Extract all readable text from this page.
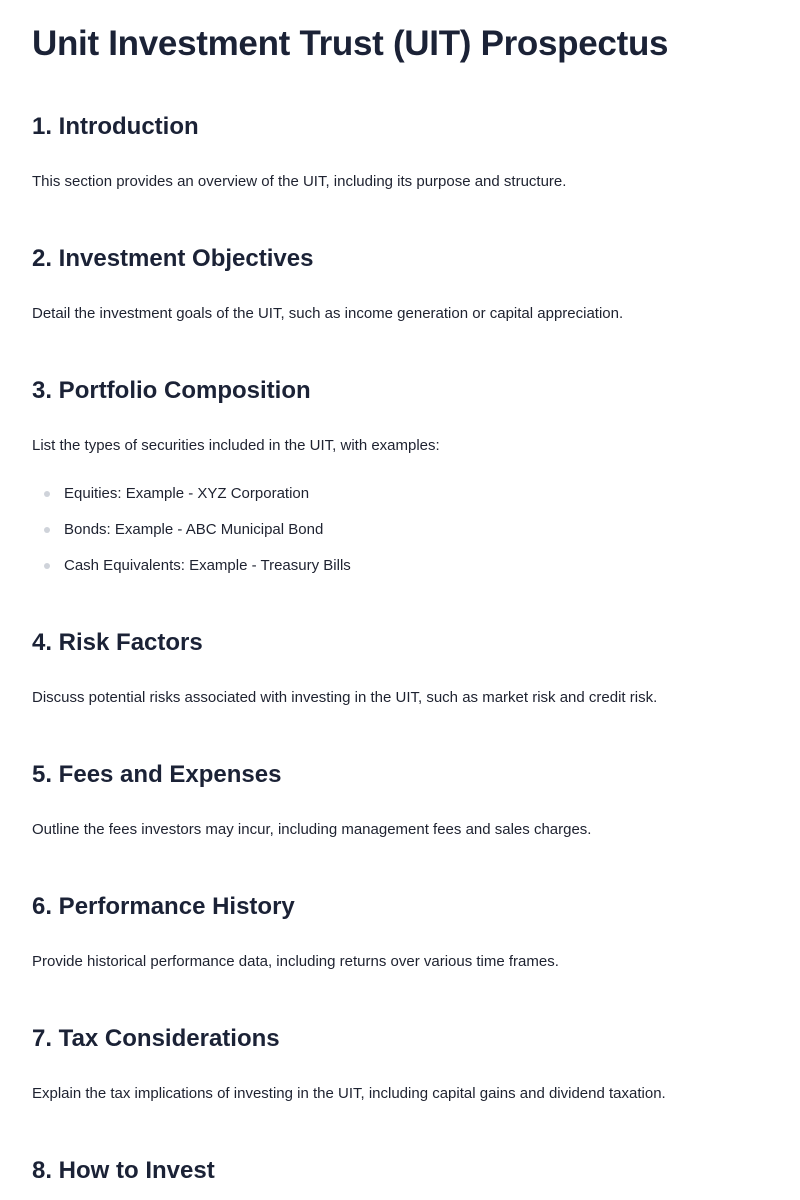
Unit Investment Trust (UIT) Prospectus
1. Introduction

This section provides an overview of the UIT, including its purpose and structure.

2. Investment Objectives

Detail the investment goals of the UIT, such as income generation or capital appreciation.

3. Portfolio Composition

List the types of securities included in the UIT, with examples:

Equities: Example - XYZ Corporation

Bonds: Example - ABC Municipal Bond

Cash Equivalents: Example - Treasury Bills

4. Risk Factors

Discuss potential risks associated with investing in the UIT, such as market risk and credit risk.

5. Fees and Expenses

Outline the fees investors may incur, including management fees and sales charges.

6. Performance History

Provide historical performance data, including returns over various time frames.

7. Tax Considerations

Explain the tax implications of investing in the UIT, including capital gains and dividend taxation.

8. How to Invest
